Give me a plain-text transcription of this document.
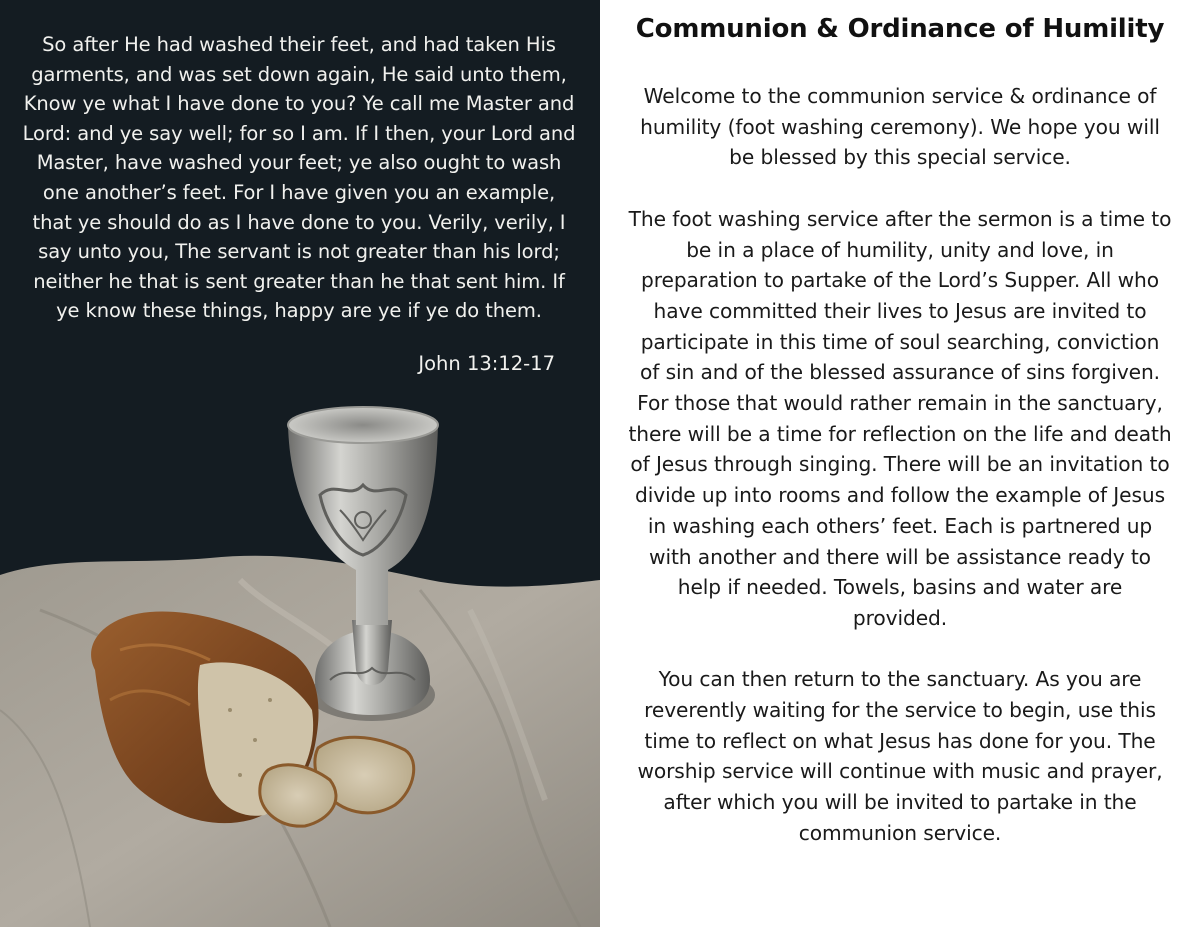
So after He had washed their feet, and had taken His garments, and was set down again, He said unto them, Know ye what I have done to you? Ye call me Master and Lord: and ye say well; for so I am. If I then, your Lord and Master, have washed your feet; ye also ought to wash one another’s feet. For I have given you an example, that ye should do as I have done to you. Verily, verily, I say unto you, The servant is not greater than his lord; neither he that is sent greater than he that sent him. If ye know these things, happy are ye if ye do them.
John 13:12-17
Communion & Ordinance of Humility

Welcome to the communion service & ordinance of humility (foot washing ceremony). We hope you will be blessed by this special service.

The foot washing service after the sermon is a time to be in a place of humility, unity and love, in preparation to partake of the Lord’s Supper. All who have committed their lives to Jesus are invited to participate in this time of soul searching, conviction of sin and of the blessed assurance of sins forgiven. For those that would rather remain in the sanctuary, there will be a time for reflection on the life and death of Jesus through singing. There will be an invitation to divide up into rooms and follow the example of Jesus in washing each others’ feet. Each is partnered up with another and there will be assistance ready to help if needed. Towels, basins and water are provided.

You can then return to the sanctuary. As you are reverently waiting for the service to begin, use this time to reflect on what Jesus has done for you. The worship service will continue with music and prayer, after which you will be invited to partake in the communion service.
